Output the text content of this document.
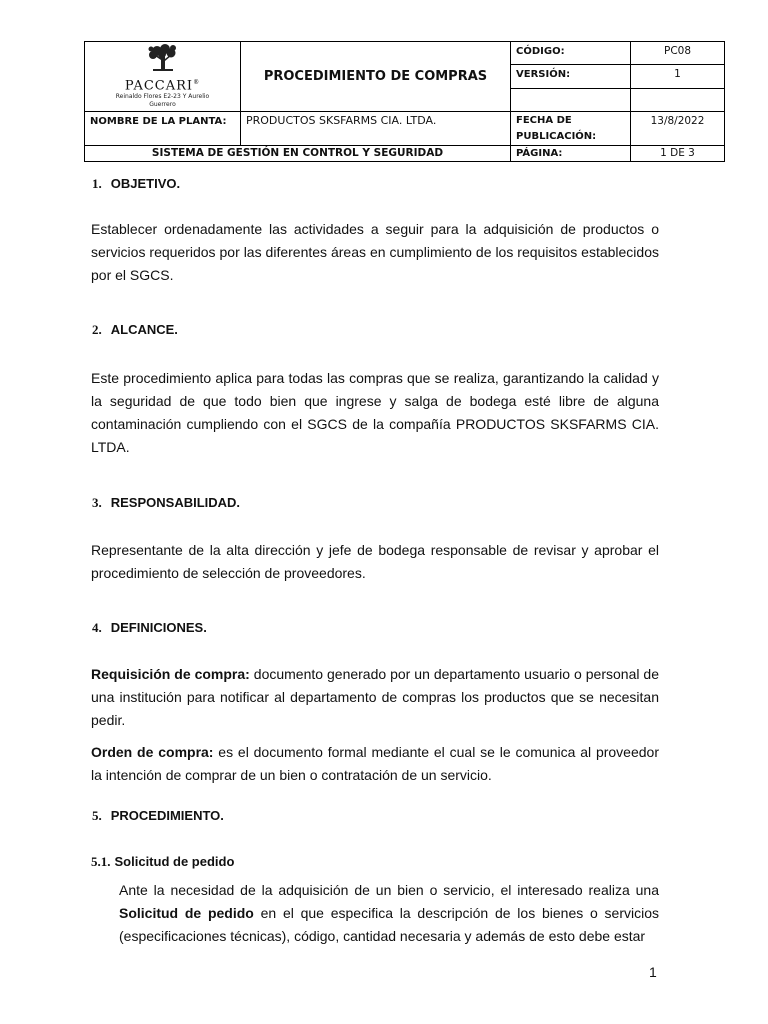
PACCARI®
Reinaldo Flores E2-23 Y Aurelio
Guerrero	PROCEDIMIENTO DE COMPRAS	CÓDIGO:	PC08
		VERSIÓN:	1

NOMBRE DE LA PLANTA:	PRODUCTOS SKSFARMS CIA. LTDA.	FECHA DE
PUBLICACIÓN:	13/8/2022
SISTEMA DE GESTIÓN EN CONTROL Y SEGURIDAD		PÁGINA:	1 DE 3
1. OBJETIVO.

Establecer ordenadamente las actividades a seguir para la adquisición de productos o servicios requeridos por las diferentes áreas en cumplimiento de los requisitos establecidos por el SGCS.

2. ALCANCE.

Este procedimiento aplica para todas las compras que se realiza, garantizando la calidad y la seguridad de que todo bien que ingrese y salga de bodega esté libre de alguna contaminación cumpliendo con el SGCS de la compañía PRODUCTOS SKSFARMS CIA. LTDA.

3. RESPONSABILIDAD.

Representante de la alta dirección y jefe de bodega responsable de revisar y aprobar el procedimiento de selección de proveedores.

4. DEFINICIONES.

Requisición de compra: documento generado por un departamento usuario o personal de una institución para notificar al departamento de compras los productos que se necesitan pedir.

Orden de compra: es el documento formal mediante el cual se le comunica al proveedor la intención de comprar de un bien o contratación de un servicio.

5. PROCEDIMIENTO.
5.1. Solicitud de pedido

Ante la necesidad de la adquisición de un bien o servicio, el interesado realiza una Solicitud de pedido en el que especifica la descripción de los bienes o servicios (especificaciones técnicas), código, cantidad necesaria y además de esto debe estar

1
